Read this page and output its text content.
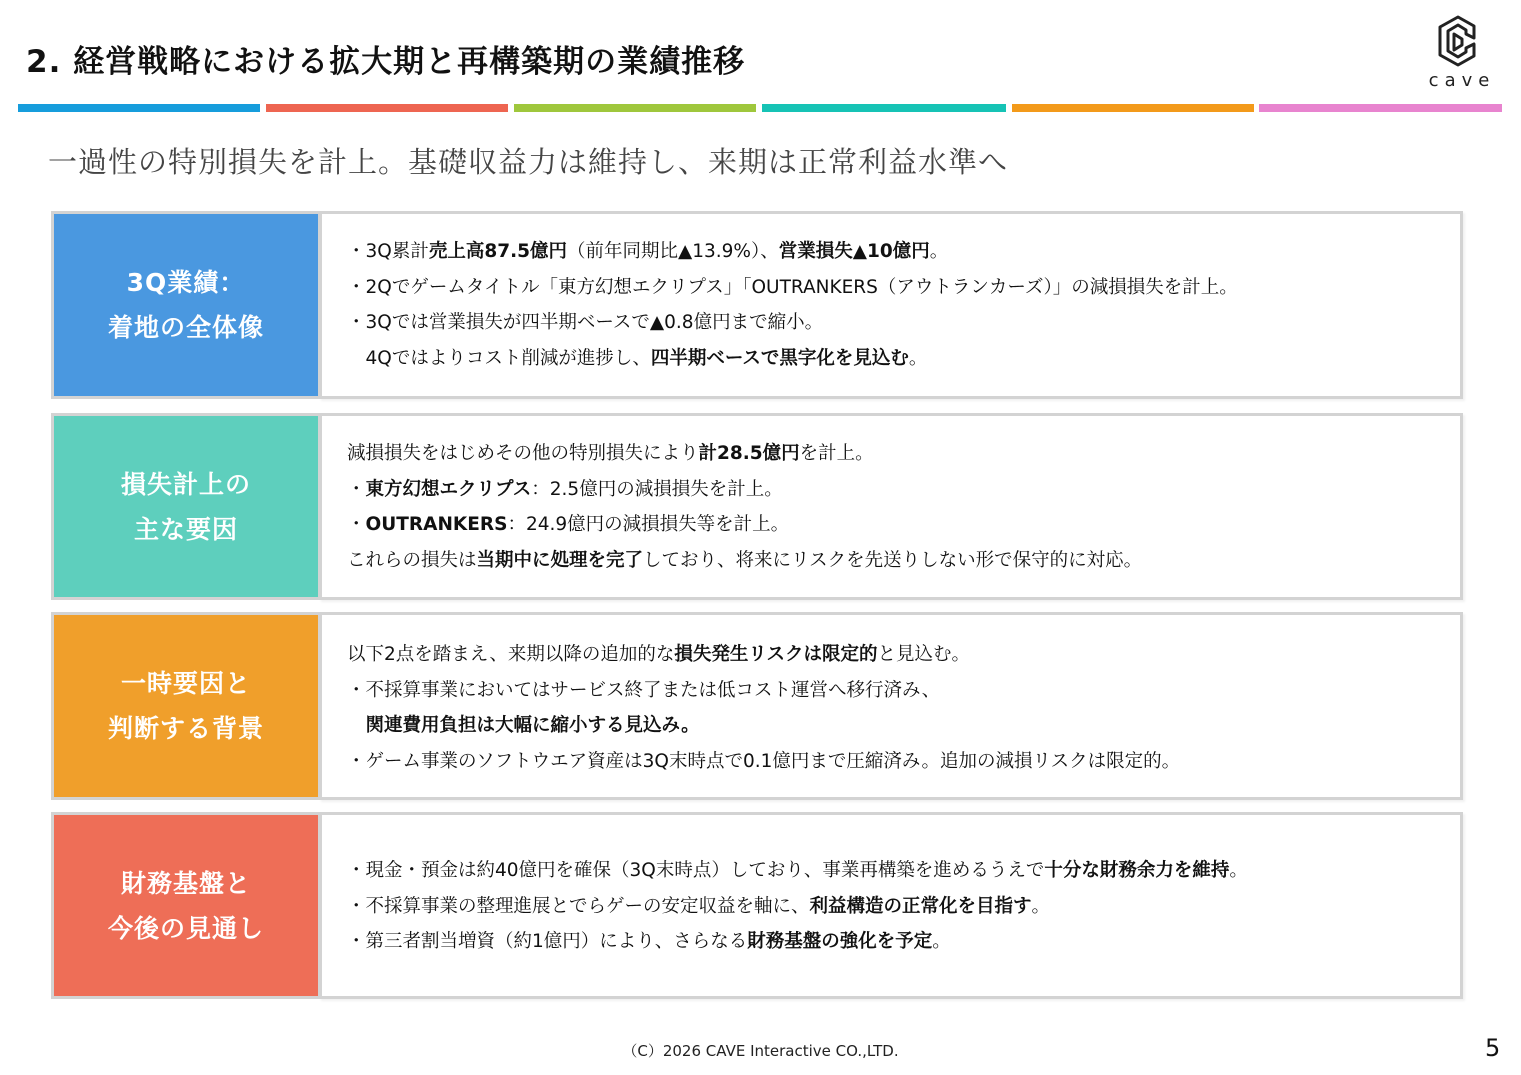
2. 経営戦略における拡大期と再構築期の業績推移
cave
一過性の特別損失を計上。基礎収益力は維持し、来期は正常利益水準へ
・3Q累計売上高87.5億円（前年同期比▲13.9%）、営業損失▲10億円。
・2Qでゲームタイトル「東方幻想エクリプス」「OUTRANKERS（アウトランカーズ）」の減損損失を計上。
・3Qでは営業損失が四半期ベースで▲0.8億円まで縮小。
　4Qではよりコスト削減が進捗し、四半期ベースで黒字化を見込む。
3Q業績：
着地の全体像
減損損失をはじめその他の特別損失により計28.5億円を計上。
・東方幻想エクリプス：2.5億円の減損損失を計上。
・OUTRANKERS：24.9億円の減損損失等を計上。
これらの損失は当期中に処理を完了しており、将来にリスクを先送りしない形で保守的に対応。
損失計上の
主な要因
以下2点を踏まえ、来期以降の追加的な損失発生リスクは限定的と見込む。
・不採算事業においてはサービス終了または低コスト運営へ移行済み、
　関連費用負担は大幅に縮小する見込み。
・ゲーム事業のソフトウエア資産は3Q末時点で0.1億円まで圧縮済み。追加の減損リスクは限定的。
一時要因と
判断する背景
・現金・預金は約40億円を確保（3Q末時点）しており、事業再構築を進めるうえで十分な財務余力を維持。
・不採算事業の整理進展とでらゲーの安定収益を軸に、利益構造の正常化を目指す。
・第三者割当増資（約1億円）により、さらなる財務基盤の強化を予定。
財務基盤と
今後の見通し
（C）2026 CAVE Interactive CO.,LTD.	5
